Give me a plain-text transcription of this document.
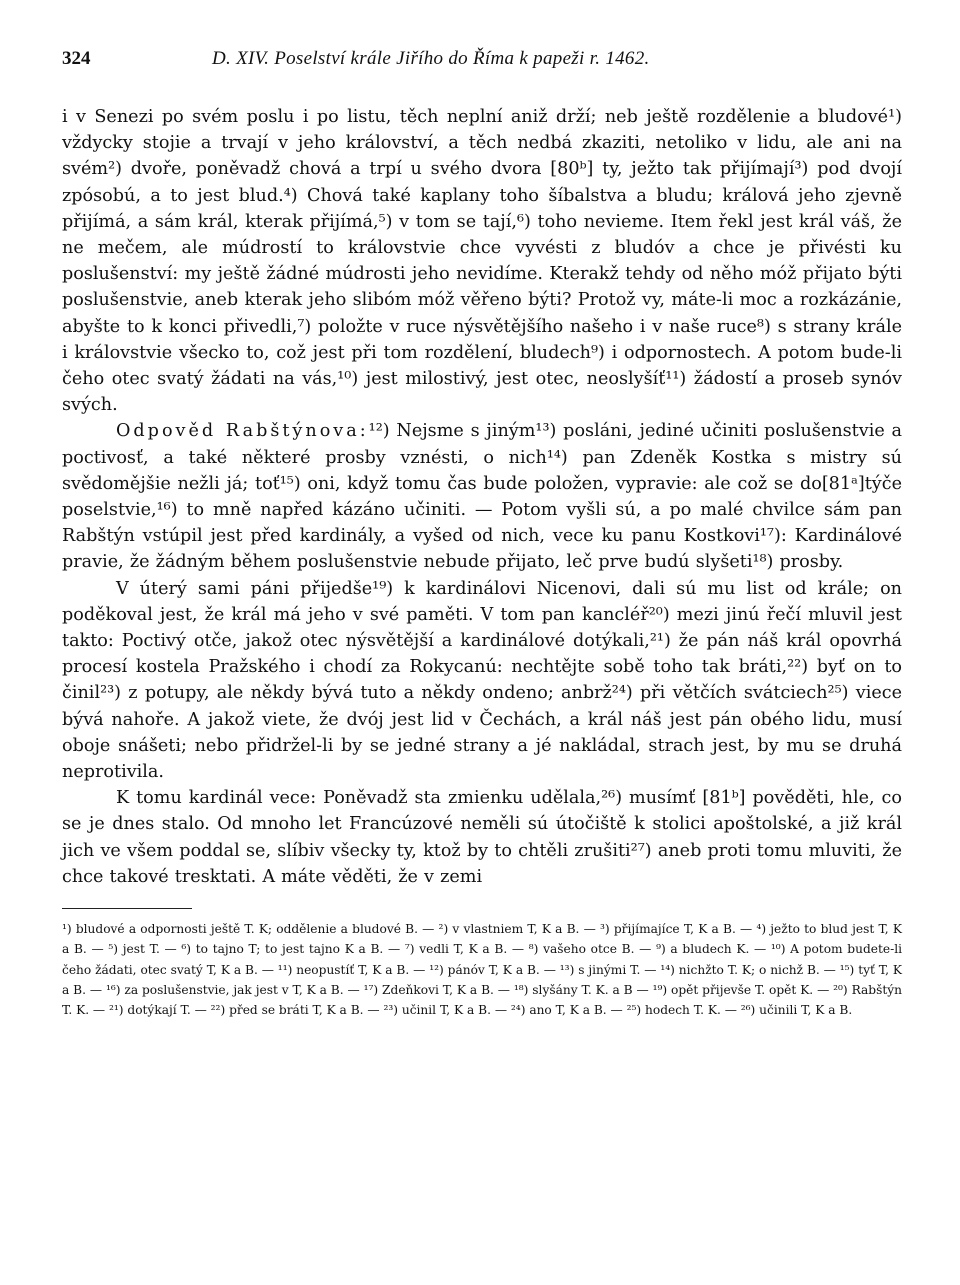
324	D. XIV. Poselství krále Jiřího do Říma k papeži r. 1462.

i v Senezi po svém poslu i po listu, těch neplní aniž drží; neb ještě rozdělenie a bludové¹) vždycky stojie a trvají v jeho království, a těch nedbá zkaziti, netoliko v lidu, ale ani na svém²) dvoře, poněvadž chová a trpí u svého dvora [80ᵇ] ty, ježto tak přijímají³) pod dvojí zpósobú, a to jest blud.⁴) Chová také kaplany toho šíbalstva a bludu; králová jeho zjevně přijímá, a sám král, kterak přijímá,⁵) v tom se tají,⁶) toho nevieme. Item řekl jest král váš, že ne mečem, ale múdrostí to královstvie chce vyvésti z bludóv a chce je přivésti ku poslušenství: my ještě žádné múdrosti jeho nevidíme. Kterakž tehdy od něho móž přijato býti poslušenstvie, aneb kterak jeho slibóm móž věřeno býti? Protož vy, máte-li moc a rozkázánie, abyšte to k konci přivedli,⁷) položte v ruce nýsvětějšího našeho i v naše ruce⁸) s strany krále i královstvie všecko to, což jest při tom rozdělení, bludech⁹) i odpornostech. A potom bude-li čeho otec svatý žádati na vás,¹⁰) jest milostivý, jest otec, neoslyšíť¹¹) žádostí a proseb synóv svých.

Odpověd Rabštýnova:¹²) Nejsme s jiným¹³) posláni, jediné učiniti poslušenstvie a poctivosť, a také některé prosby vznésti, o nich¹⁴) pan Zdeněk Kostka s mistry sú svědomějšie nežli já; toť¹⁵) oni, když tomu čas bude položen, vypravie: ale což se do[81ᵃ]týče poselstvie,¹⁶) to mně napřed kázáno učiniti. — Potom vyšli sú, a po malé chvilce sám pan Rabštýn vstúpil jest před kardinály, a vyšed od nich, vece ku panu Kostkovi¹⁷): Kardinálové pravie, že žádným během poslušenstvie nebude přijato, leč prve budú slyšeti¹⁸) prosby.

V úterý sami páni přijedše¹⁹) k kardinálovi Nicenovi, dali sú mu list od krále; on poděkoval jest, že král má jeho v své paměti. V tom pan kancléř²⁰) mezi jinú řečí mluvil jest takto: Poctivý otče, jakož otec nýsvětější a kardinálové dotýkali,²¹) že pán náš král opovrhá procesí kostela Pražského i chodí za Rokycanú: nechtějte sobě toho tak bráti,²²) byť on to činil²³) z potupy, ale někdy bývá tuto a někdy ondeno; anbrž²⁴) při větčích svátciech²⁵) viece bývá nahoře. A jakož viete, že dvój jest lid v Čechách, a král náš jest pán obého lidu, musí oboje snášeti; nebo přidržel-li by se jedné strany a jé nakládal, strach jest, by mu se druhá neprotivila.

K tomu kardinál vece: Poněvadž sta zmienku udělala,²⁶) musímť [81ᵇ] pověděti, hle, co se je dnes stalo. Od mnoho let Francúzové neměli sú útočiště k stolici apoštolské, a již král jich ve všem poddal se, slíbiv všecky ty, ktož by to chtěli zrušiti²⁷) aneb proti tomu mluviti, že chce takové tresktati. A máte věděti, že v zemi

¹) bludové a odpornosti ještě T. K; oddělenie a bludové B. — ²) v vlastniem T, K a B. — ³) přijímajíce T, K a B. — ⁴) ježto to blud jest T, K a B. — ⁵) jest T. — ⁶) to tajno T; to jest tajno K a B. — ⁷) vedli T, K a B. — ⁸) vašeho otce B. — ⁹) a bludech K. — ¹⁰) A potom budete-li čeho žádati, otec svatý T, K a B. — ¹¹) neopustíť T, K a B. — ¹²) pánóv T, K a B. — ¹³) s jinými T. — ¹⁴) nichžto T. K; o nichž B. — ¹⁵) tyť T, K a B. — ¹⁶) za poslušenstvie, jak jest v T, K a B. — ¹⁷) Zdeňkovi T, K a B. — ¹⁸) slyšány T. K. a B — ¹⁹) opět přijevše T. opět K. — ²⁰) Rabštýn T. K. — ²¹) dotýkají T. — ²²) před se bráti T, K a B. — ²³) učinil T, K a B. — ²⁴) ano T, K a B. — ²⁵) hodech T. K. — ²⁶) učinili T, K a B.
